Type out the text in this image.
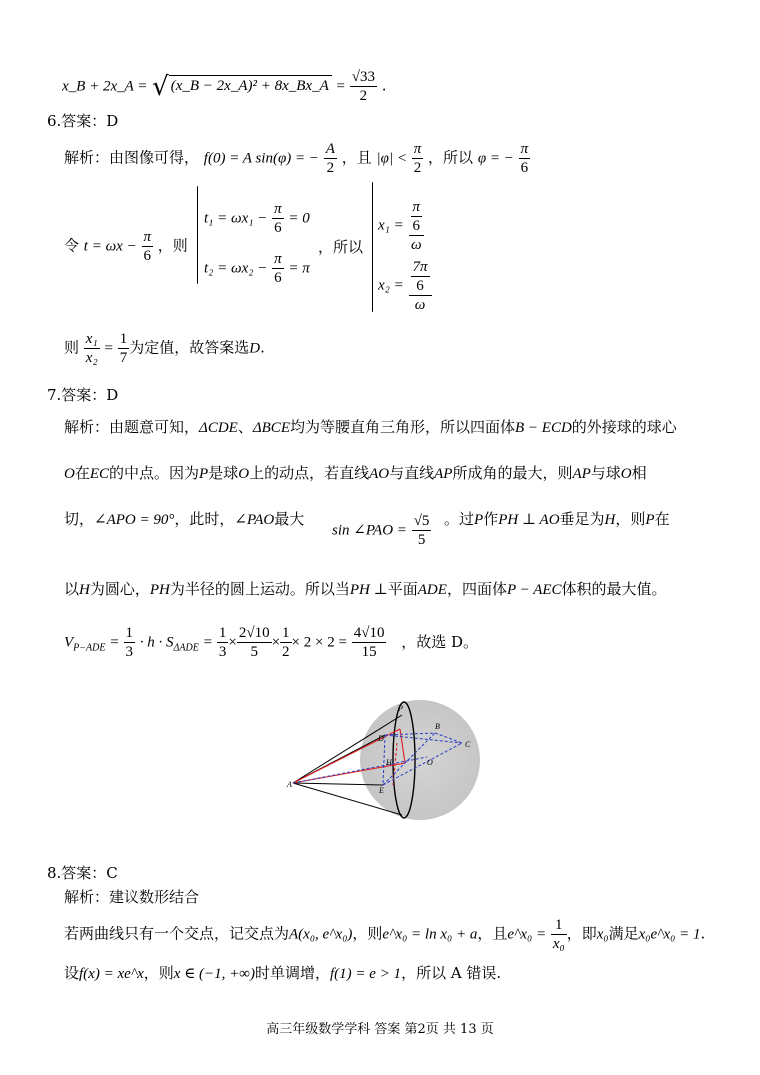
x_B + 2x_A = √ (x_B − 2x_A)² + 8x_Bx_A = $\frac{√33}{2}$ .
6.答案：D
解析：由图像可得， f(0) = A sin(φ) = − $\frac{A}{2}$ ，且 $|\varphi| < \frac{\pi}{2}$ ，所以 φ = − $\frac{\pi}{6}$
令 $t = \omega x - \frac{\pi}{6}$ ，则
$t_1 = \omega x_1 - \frac{\pi}{6} = 0$
$t_2 = \omega x_2 - \frac{\pi}{6} = \pi$
，所以
$x_1 = \frac{\frac{\pi}{6}}{\omega}$
$x_2 = \frac{\frac{7\pi}{6}}{\omega}$
则 $\frac{\text{x₁}}{\text{x₂}} = \frac{1}{7}$ 为定值，故答案选D.
7.答案：D
解析：由题意可知，ΔCDE、ΔBCE均为等腰直角三角形，所以四面体B − ECD的外接球的球心
O在EC的中点。因为P是球O上的动点，若直线AO与直线AP所成角的最大，则AP与球O相
切，∠APO = 90°，此时，∠PAO最大
sin ∠PAO = $\frac{√5}{5}$ 。过P作PH ⊥ AO垂足为H，则P在
以H为圆心，PH为半径的圆上运动。所以当PH ⊥平面ADE，四面体P − AEC体积的最大值。
$V_{P-ADE} = \frac{1}{3} \cdot h \cdot S_{\Delta ADE} = \frac{1}{3} \times \frac{2√10}{5} \times \frac{1}{2} \times 2 \times 2 = \frac{4√10}{15}$ ，故选 D。
P
D
B
C
H	O
E
A
8.答案：C
解析：建议数形结合
若两曲线只有一个交点，记交点为A(x₀, e^x₀)，则e^x₀ = ln x₀ + a，且e^x₀ = $\frac{1}{\text{x₀}}$ ，即x₀满足x₀e^x₀ = 1.
设f(x) = xe^x，则x ∈ (−1, +∞)时单调增，f(1) = e > 1，所以 A 错误.
高三年级数学学科 答案 第2页 共 13 页
